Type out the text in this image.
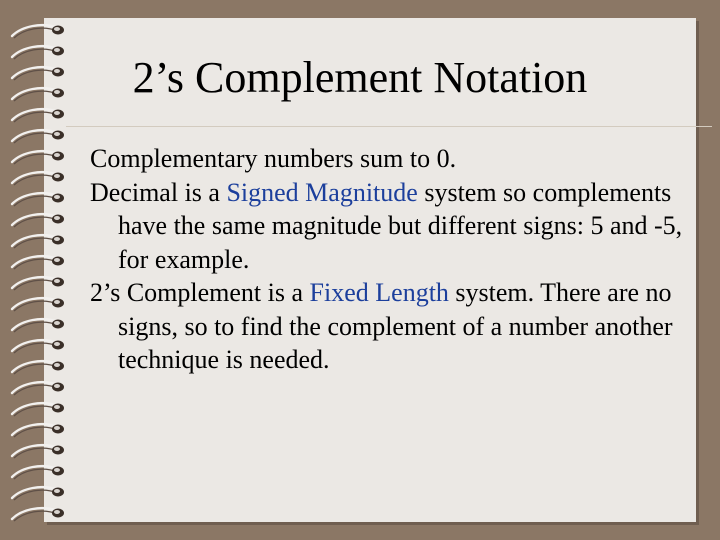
2’s Complement Notation

Complementary numbers sum to 0.

Decimal is a Signed Magnitude system so complements have the same magnitude but different signs: 5 and -5, for example.

2’s Complement is a Fixed Length system. There are no signs, so to find the complement of a number another technique is needed.
